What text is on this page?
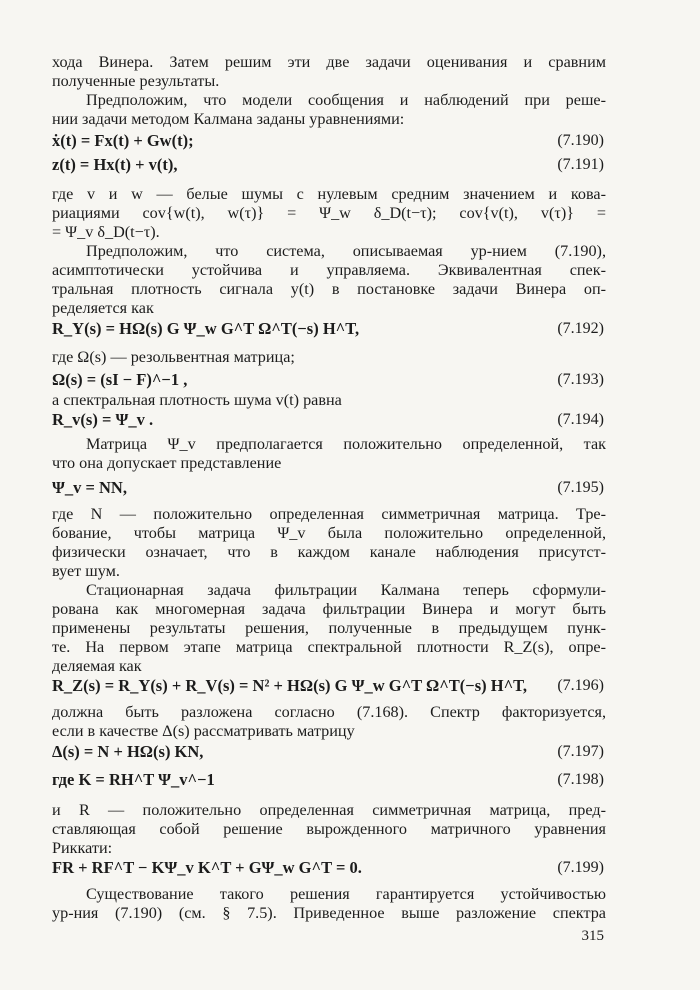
хода Винера. Затем решим эти две задачи оценивания и сравним
полученные результаты.
Предположим, что модели сообщения и наблюдений при реше-
нии задачи методом Калмана заданы уравнениями:
где v и w — белые шумы с нулевым средним значением и кова-
риациями cov{w(t), w(τ)} = Ψ_w δ_D(t−τ); cov{v(t), v(τ)} =
= Ψ_v δ_D(t−τ).
Предположим, что система, описываемая ур-нием (7.190),
асимптотически устойчива и управляема. Эквивалентная спек-
тральная плотность сигнала y(t) в постановке задачи Винера оп-
ределяется как
где Ω(s) — резольвентная матрица;
а спектральная плотность шума v(t) равна
Матрица Ψ_v предполагается положительно определенной, так
что она допускает представление
где N — положительно определенная симметричная матрица. Тре-
бование, чтобы матрица Ψ_v была положительно определенной,
физически означает, что в каждом канале наблюдения присутст-
вует шум.
Стационарная задача фильтрации Калмана теперь сформули-
рована как многомерная задача фильтрации Винера и могут быть
применены результаты решения, полученные в предыдущем пунк-
те. На первом этапе матрица спектральной плотности R_Z(s), опре-
деляемая как
должна быть разложена согласно (7.168). Спектр факторизуется,
если в качестве Δ(s) рассматривать матрицу
и R — положительно определенная симметричная матрица, пред-
ставляющая собой решение вырожденного матричного уравнения
Риккати:
Существование такого решения гарантируется устойчивостью
ур-ния (7.190) (см. § 7.5). Приведенное выше разложение спектра
ẋ(t) = Fx(t) + Gw(t);	(7.190)
z(t) = Hx(t) + v(t),	(7.191)
R_Y(s) = HΩ(s) G Ψ_w G^T Ω^T(−s) H^T,	(7.192)
Ω(s) = (sI − F)^−1 ,	(7.193)
R_v(s) = Ψ_v .	(7.194)
Ψ_v = NN,	(7.195)
R_Z(s) = R_Y(s) + R_V(s) = N² + HΩ(s) G Ψ_w G^T Ω^T(−s) H^T, (7.196)
Δ(s) = N + HΩ(s) KN,	(7.197)
где K = RH^T Ψ_v^−1	(7.198)
FR + RF^T − KΨ_v K^T + GΨ_w G^T = 0.	(7.199)
315
